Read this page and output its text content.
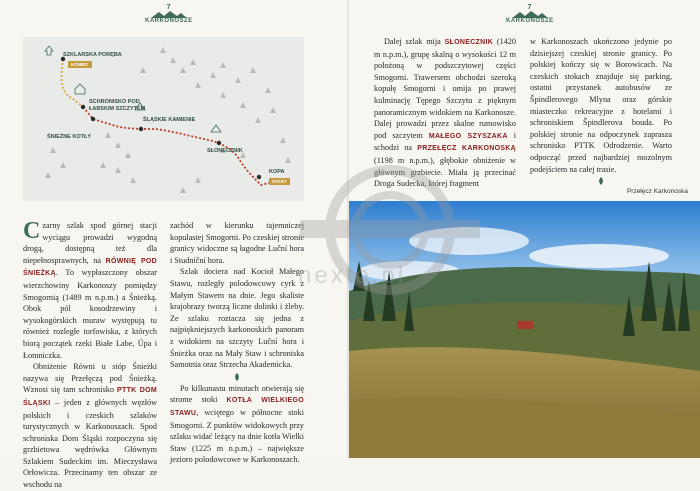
7
KARKONOSZE
SZKLARSKA PORĘBA
KONIEC
SCHRONISKO POD
ŁABSKIM SZCZYTEM
ŚLĄSKIE KAMIENIE
ŚNIEŻNE KOTŁY
SŁONECZNIK
KOPA
START

Czarny szlak spod górnej stacji wyciągu prowadzi wygodną drogą, dostępną też dla niepełnosprawnych, na RÓWNIĘ POD ŚNIEŻKĄ. To wypłaszczony obszar wierzchowiny Karkonoszy pomiędzy Smogornią (1489 m n.p.m.) a Śnieżką. Obok pól kosodrzewiny i wysokogórskich muraw występują tu również rozległe torfowiska, z których biorą początek rzeki Białe Labe, Úpa i Łomniczka.

Obniżenie Równi u stóp Śnieżki nazywa się Przełęczą pod Śnieżką. Wznosi się tam schronisko PTTK DOM ŚLĄSKI – jeden z głównych węzłów polskich i czeskich szlaków turystycznych w Karkonoszach. Spod schroniska Dom Śląski rozpoczyna się grzbietowa wędrówka Głównym Szlakiem Sudeckim im. Mieczysława Orłowicza. Przecinamy ten obszar ze wschodu na

zachód w kierunku tajemniczej kopulastej Smogorni. Po czeskiej stronie granicy widoczne są łagodne Luční hora i Studniční hora.

Szlak dociera nad Kocioł Małego Stawu, rozległy polodowcowy cyrk z Małym Stawem na dnie. Jego skaliste krajobrazy tworzą liczne dolinki i żleby. Ze szlaku roztacza się jedna z najpiękniejszych karkonoskich panoram z widokiem na szczyty Luční hora i Śnieżka oraz na Mały Staw i schroniska Samotnia oraz Strzecha Akademicka.

Po kilkunastu minutach otwierają się strome stoki KOTŁA WIELKIEGO STAWU, wciętego w północne stoki Smogorni. Z punktów widokowych przy szlaku widać leżący na dnie kotła Wielki Staw (1225 m n.p.m.) – największe jezioro polodowcowe w Karkonoszach.

7
KARKONOSZE

Dalej szlak mija SŁONECZNIK (1420 m n.p.m.), grupę skalną o wysokości 12 m położoną w podszczytowej części Smogorni. Trawersem obchodzi szeroką kopułę Smogorni i omija po prawej kulminację Tępego Szczytu z pięknym panoramicznym widokiem na Karkonosze. Dalej prowadzi przez skalne rumowisko pod szczytem MAŁEGO SZYSZAKA i schodzi na PRZEŁĘCZ KARKONOSKĄ (1198 m n.p.m.), głębokie obniżenie w głównym grzbiecie. Miała ją przecinać Droga Sudecka, której fragment

w Karkonoszach ukończono jedynie po dzisiejszej czeskiej stronie granicy. Po polskiej kończy się w Borowicach. Na czeskich stokach znajduje się parking, ostatni przystanek autobusów ze Špindlerovego Mlyna oraz górskie miasteczko rekreacyjne z hotelami i schroniskiem Špindlerova bouda. Po polskiej stronie na odpoczynek zaprasza schronisko PTTK Odrodzenie. Warto odpocząć przed najbardziej mozolnym podejściem na całej trasie.

Przełęcz Karkonoska
nexto.pl
